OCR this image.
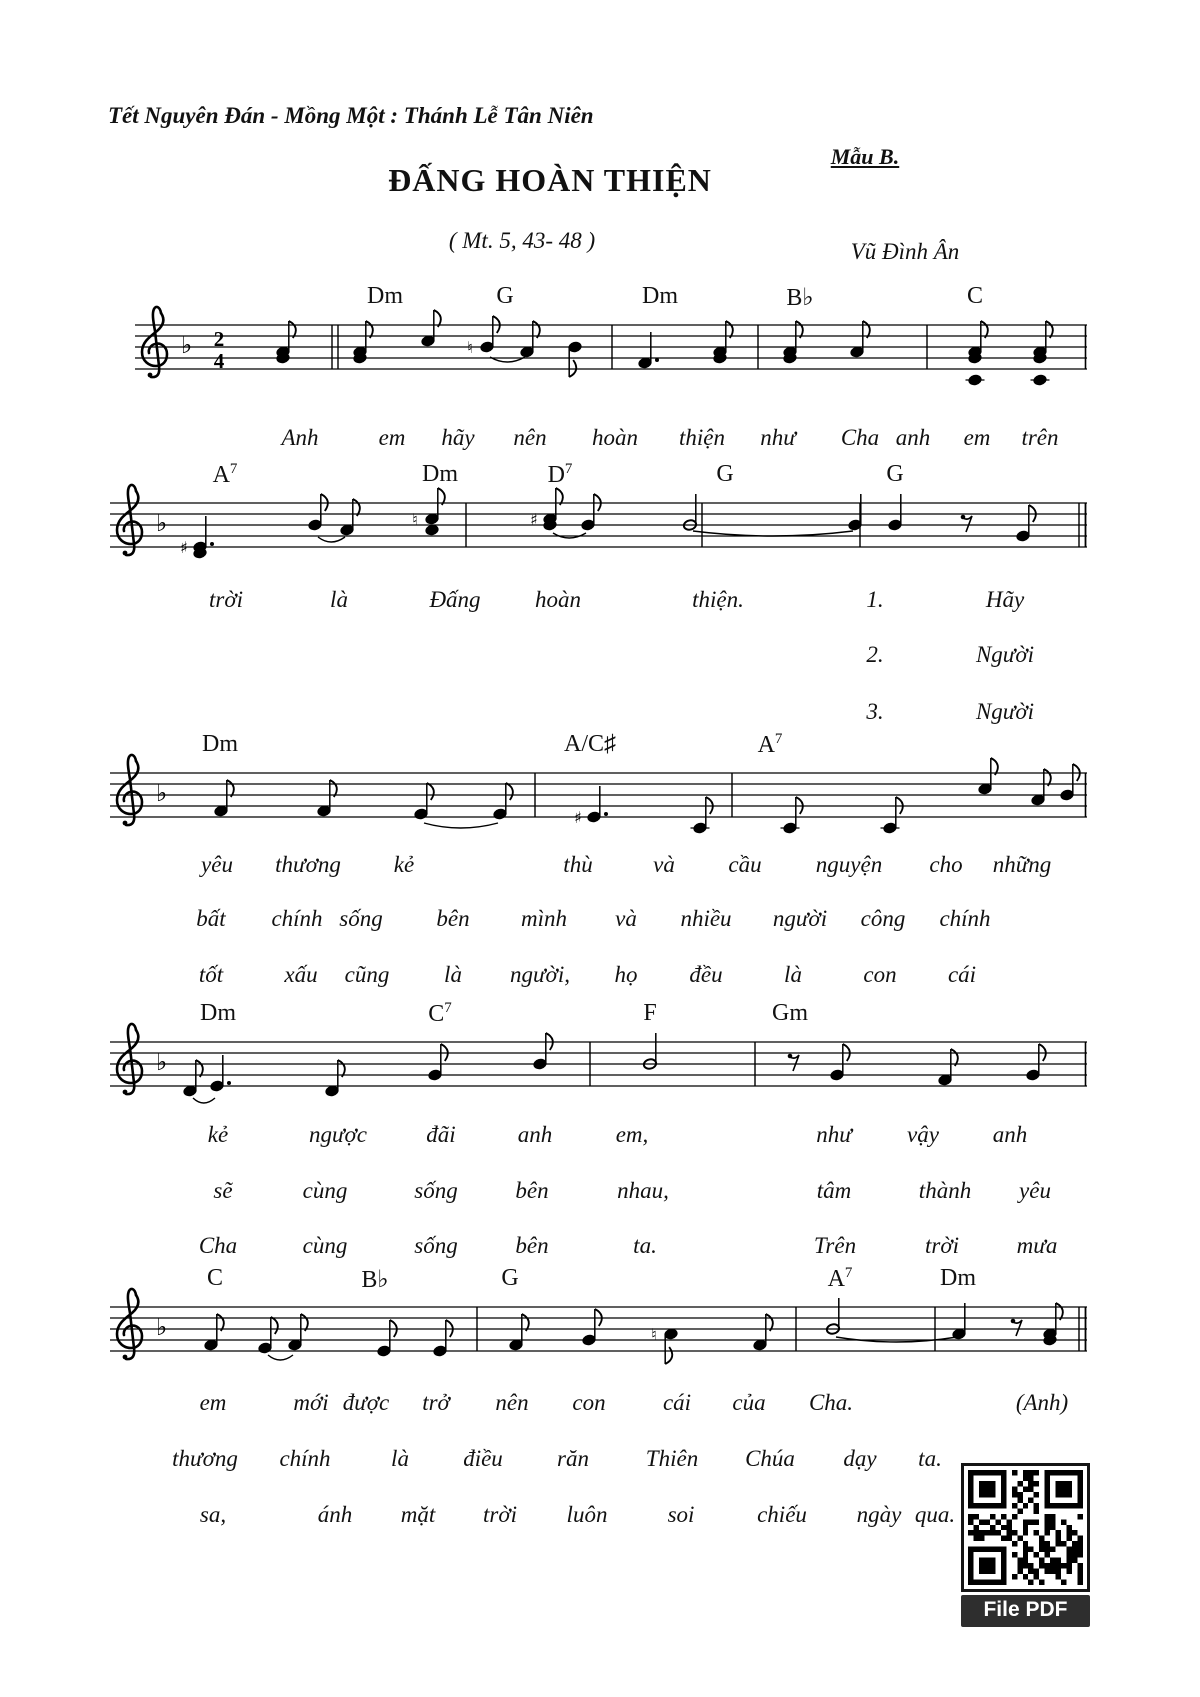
Tết Nguyên Đán - Mồng Một : Thánh Lễ Tân Niên
Mẫu B.
ĐẤNG HOÀN THIỆN
( Mt. 5, 43- 48 )	Vũ Đình Ân
♭ 2
4
♮
Dm	G	Dm	B♭	C
♭
♯
♮	♯
$A^7$	Dm	$D^7$	G	G
♭
♯
Dm	A/C♯	$A^7$
♭
Dm	$C^7$	F	Gm
♭	♮
C	B♭	G	$A^7$	Dm
Anh	em hãy nên hoàn thiện như Cha anh em trên
trời	là	Đấng hoàn	thiện.	1.	Hãy
2.	Người
3.	Người
yêu thương kẻ	thù	và cầu nguyện cho những
bất chính sống bên mình và nhiều người công chính
tốt	xấu cũng là người, họ đều	là	con cái
kẻ	ngược	đãi	anh	em,	như vậy anh
sẽ	cùng	sống	bên	nhau,	tâm	thành yêu
Cha	cùng	sống	bên	ta.	Trên	trời	mưa
em	mới được trở nên con cái của Cha.	(Anh)
thương chính	là điều răn Thiên Chúa dạy ta.
sa,	ánh mặt trời luôn	soi	chiếu ngày qua.
File PDF
